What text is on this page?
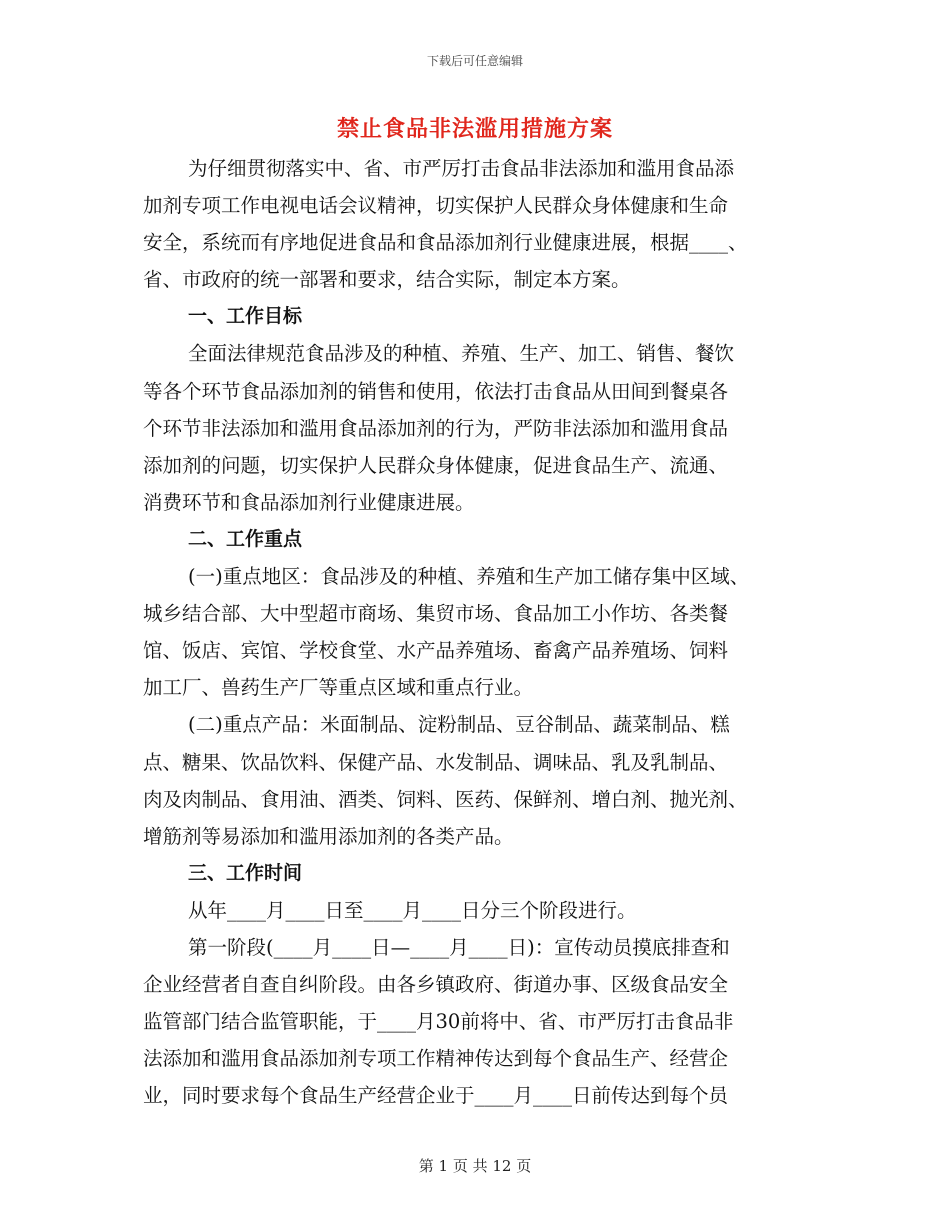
下载后可任意编辑
禁止食品非法滥用措施方案
为仔细贯彻落实中、省、市严厉打击食品非法添加和滥用食品添
加剂专项工作电视电话会议精神，切实保护人民群众身体健康和生命
安全，系统而有序地促进食品和食品添加剂行业健康进展，根据____、
省、市政府的统一部署和要求，结合实际，制定本方案。
一、工作目标
全面法律规范食品涉及的种植、养殖、生产、加工、销售、餐饮
等各个环节食品添加剂的销售和使用，依法打击食品从田间到餐桌各
个环节非法添加和滥用食品添加剂的行为，严防非法添加和滥用食品
添加剂的问题，切实保护人民群众身体健康，促进食品生产、流通、
消费环节和食品添加剂行业健康进展。
二、工作重点
(一)重点地区：食品涉及的种植、养殖和生产加工储存集中区域、
城乡结合部、大中型超市商场、集贸市场、食品加工小作坊、各类餐
馆、饭店、宾馆、学校食堂、水产品养殖场、畜禽产品养殖场、饲料
加工厂、兽药生产厂等重点区域和重点行业。
(二)重点产品：米面制品、淀粉制品、豆谷制品、蔬菜制品、糕
点、糖果、饮品饮料、保健产品、水发制品、调味品、乳及乳制品、
肉及肉制品、食用油、酒类、饲料、医药、保鲜剂、增白剂、抛光剂、
增筋剂等易添加和滥用添加剂的各类产品。
三、工作时间
从年____月____日至____月____日分三个阶段进行。
第一阶段(____月____日—____月____日)：宣传动员摸底排查和
企业经营者自查自纠阶段。由各乡镇政府、街道办事、区级食品安全
监管部门结合监管职能，于____月30前将中、省、市严厉打击食品非
法添加和滥用食品添加剂专项工作精神传达到每个食品生产、经营企
业，同时要求每个食品生产经营企业于____月____日前传达到每个员
第 1 页 共 12 页
